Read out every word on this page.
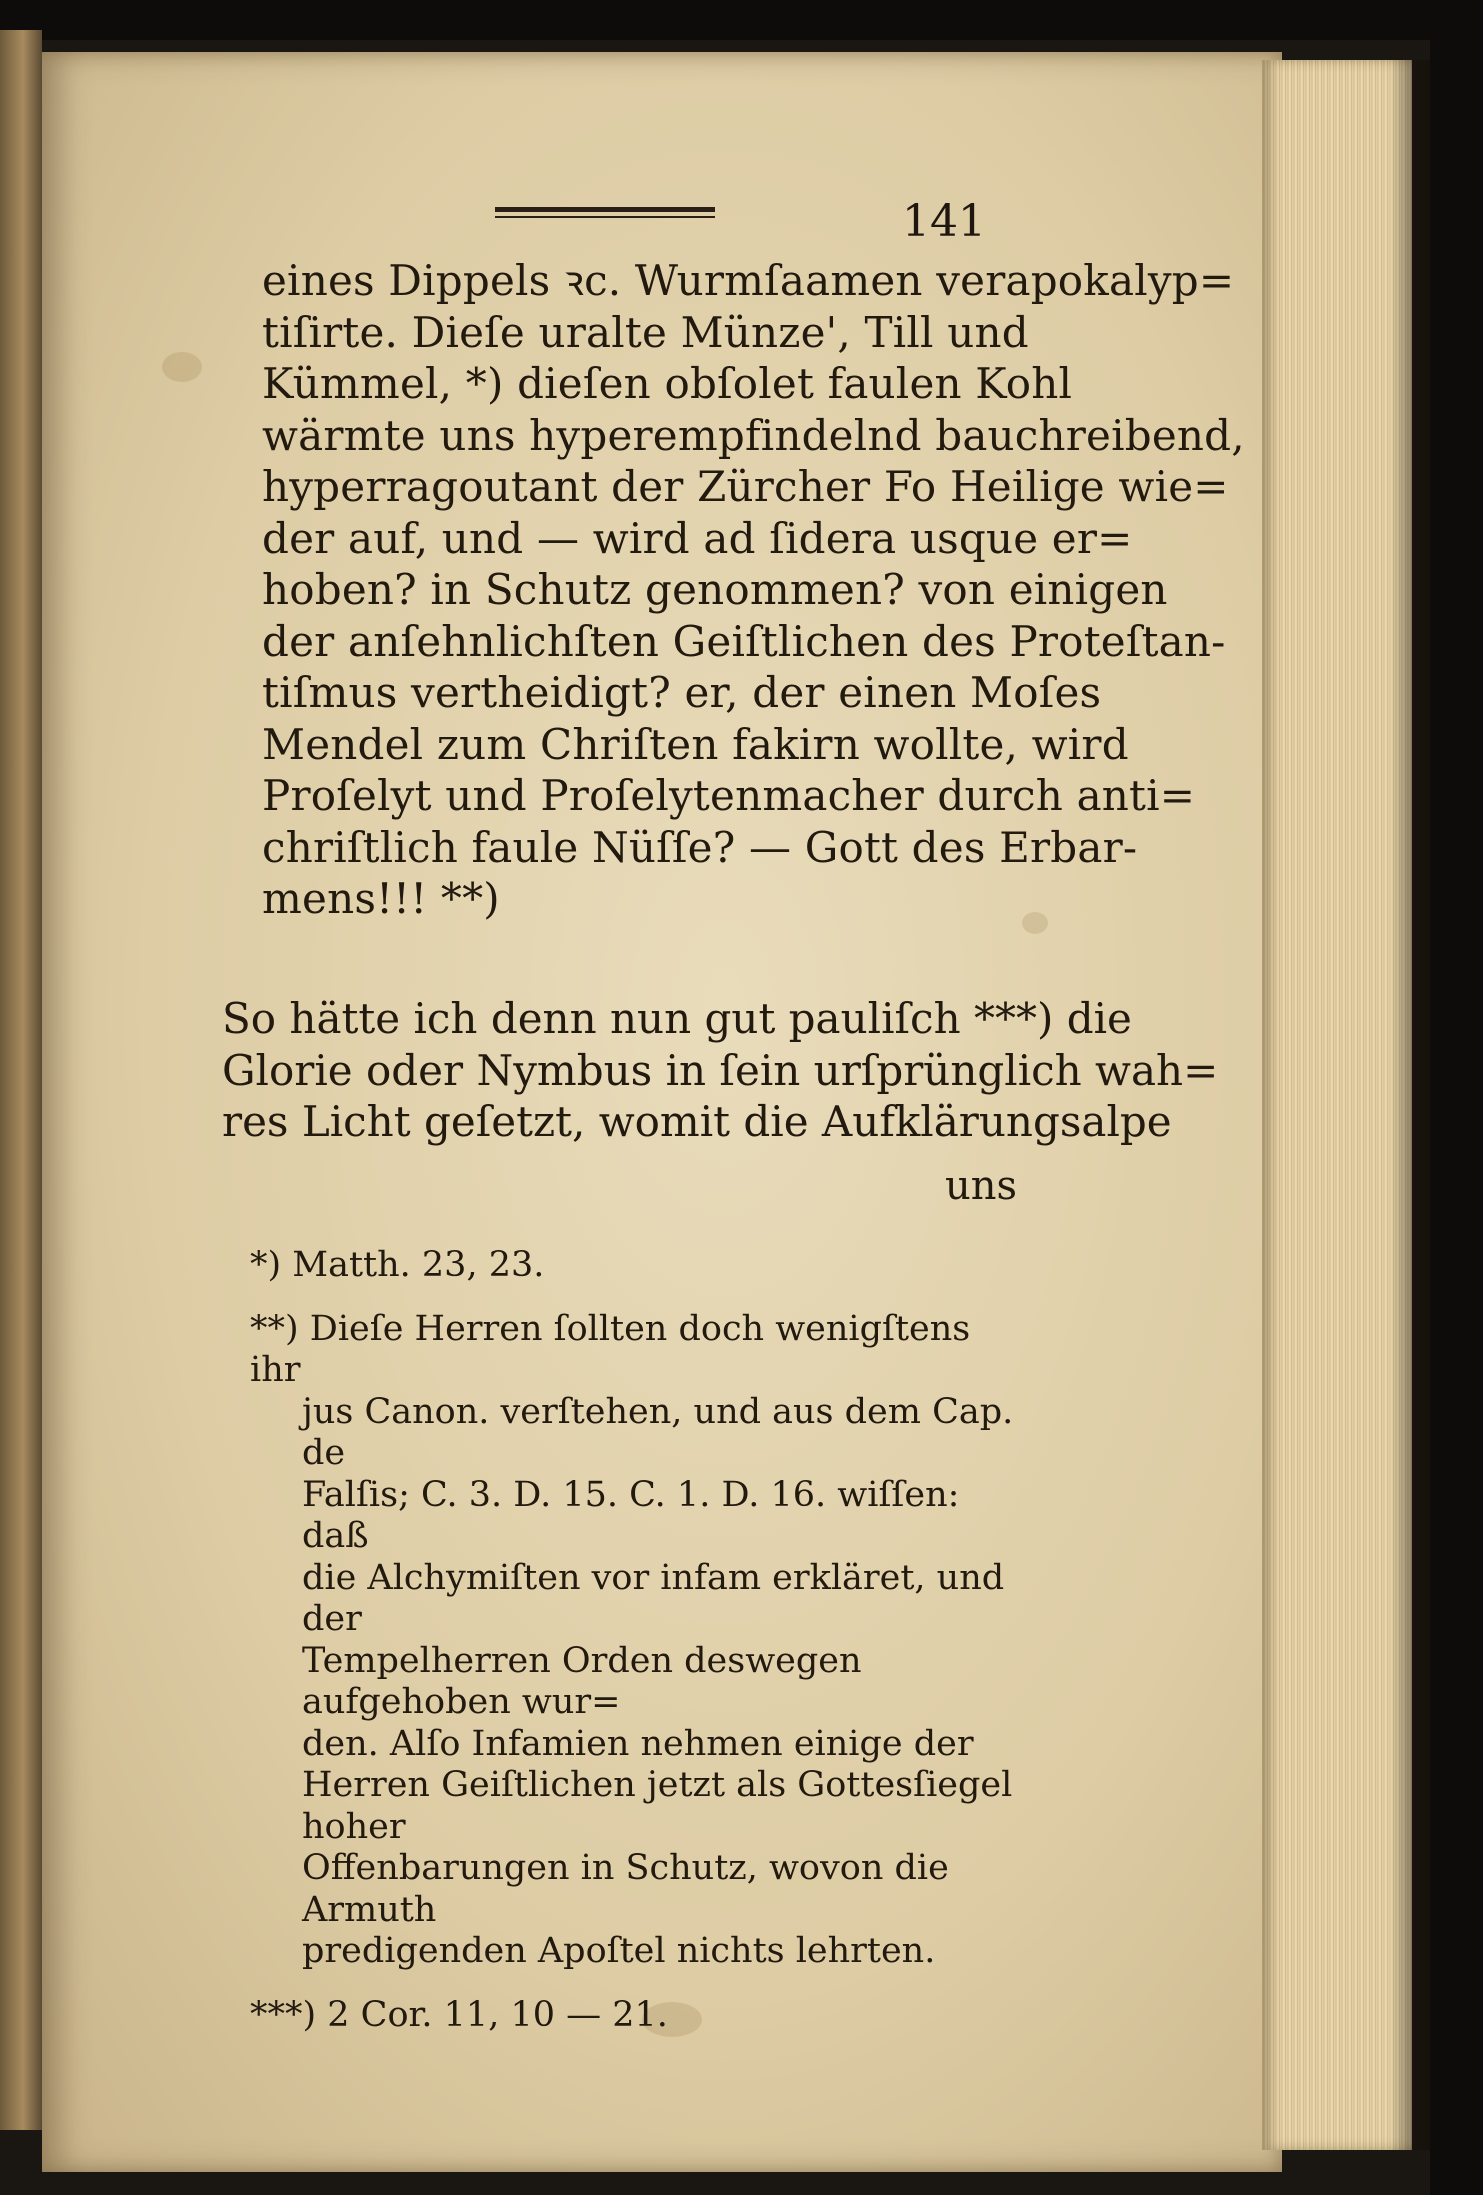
141
eines Dippels ꝛc. Wurmſaamen verapokalyp=
tiſirte. Dieſe uralte Münze', Till und
Kümmel, *) dieſen obſolet faulen Kohl
wärmte uns hyperempfindelnd bauchreibend,
hyperragoutant der Zürcher Fo Heilige wie=
der auf, und — wird ad ſidera usque er=
hoben? in Schutz genommen? von einigen
der anſehnlichſten Geiſtlichen des Proteſtan-
tiſmus vertheidigt? er, der einen Moſes
Mendel zum Chriſten fakirn wollte, wird
Proſelyt und Proſelytenmacher durch anti=
chriſtlich faule Nüſſe? — Gott des Erbar-
mens!!! **)
So hätte ich denn nun gut pauliſch ***) die
Glorie oder Nymbus in ſein urſprünglich wah=
res Licht geſetzt, womit die Aufklärungsalpe
uns
*) Matth. 23, 23.
**) Dieſe Herren ſollten doch wenigſtens ihr
jus Canon. verſtehen, und aus dem Cap. de
Falſis; C. 3. D. 15. C. 1. D. 16. wiſſen: daß
die Alchymiſten vor infam erkläret, und der
Tempelherren Orden deswegen aufgehoben wur=
den. Alſo Infamien nehmen einige der
Herren Geiſtlichen jetzt als Gottesſiegel hoher
Offenbarungen in Schutz, wovon die Armuth
predigenden Apoſtel nichts lehrten.
***) 2 Cor. 11, 10 — 21.
